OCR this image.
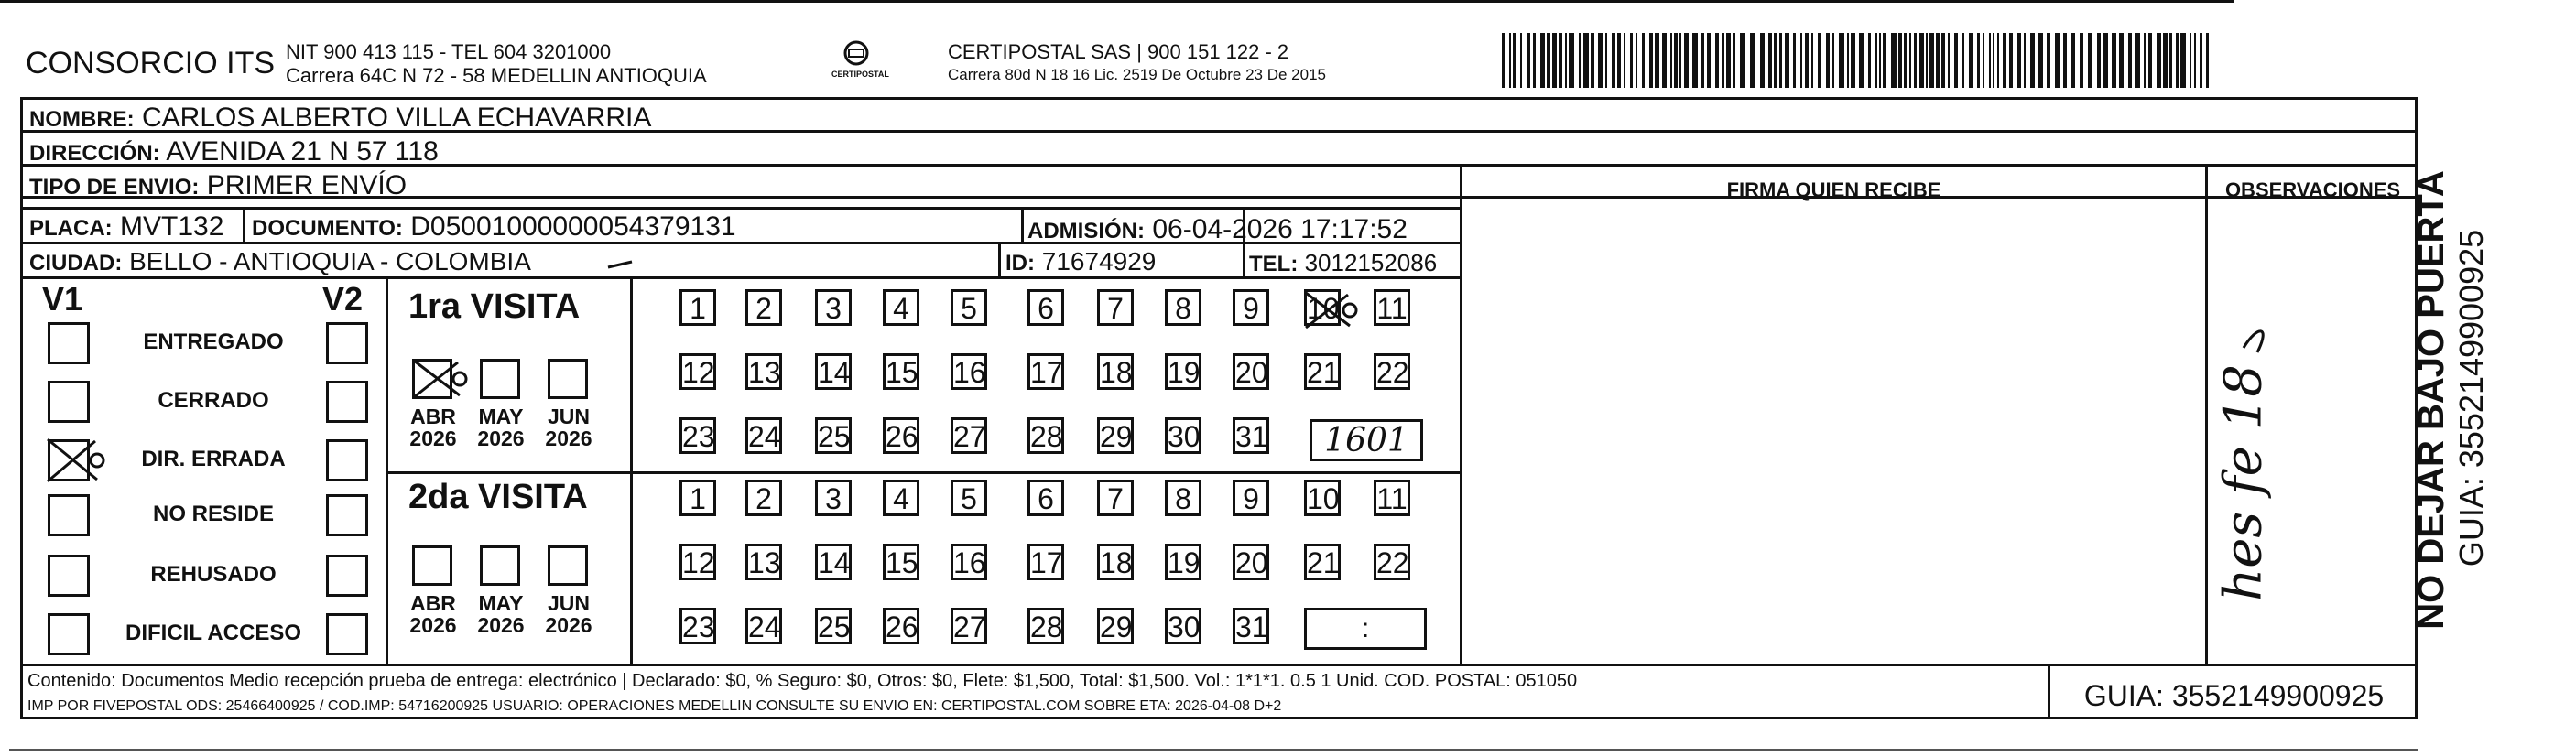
CONSORCIO ITS NIT 900 413 115 - TEL 604 3201000
Carrera 64C N 72 - 58 MEDELLIN ANTIOQUIA	CERTIPOSTAL
CERTIPOSTAL SAS | 900 151 122 - 2
Carrera 80d N 18 16 Lic. 2519 De Octubre 23 De 2015
NOMBRE: CARLOS ALBERTO VILLA ECHAVARRIA
DIRECCIÓN: AVENIDA 21 N 57 118
TIPO DE ENVIO: PRIMER ENVÍO
PLACA: MVT132 DOCUMENTO: D05001000000054379131	ADMISIÓN: 06-04-2026 17:17:52
CIUDAD: BELLO - ANTIOQUIA - COLOMBIA	ID: 71674929	TEL: 3012152086
FIRMA QUIEN RECIBE	OBSERVACIONES
V1	V2
ENTREGADO
CERRADO
DIR. ERRADA
NO RESIDE
REHUSADO
DIFICIL ACCESO
1ra VISITA
2da VISITA
1	2	3	4	5	6	7	8	9	10 11
12 13 14 15 16 17 18 19 20 21 22
23 24 25 26 27 28 29 30 31
1	2	3	4	5	6	7	8	9	10 11
12 13 14 15 16 17 18 19 20 21 22
23 24 25 26 27 28 29 30 31
ABR
2026
MAY
2026
JUN
2026
ABR
2026
MAY
2026
JUN
2026
1601
:
hes fe 18
Contenido: Documentos Medio recepción prueba de entrega: electrónico | Declarado: $0, % Seguro: $0, Otros: $0, Flete: $1,500, Total: $1,500. Vol.: 1*1*1. 0.5 1 Unid. COD. POSTAL: 051050
IMP POR FIVEPOSTAL ODS: 25466400925 / COD.IMP: 54716200925 USUARIO: OPERACIONES MEDELLIN CONSULTE SU ENVIO EN: CERTIPOSTAL.COM SOBRE ETA: 2026-04-08 D+2	GUIA: 3552149900925
NO DEJAR BAJO PUERTA GUIA: 3552149900925
